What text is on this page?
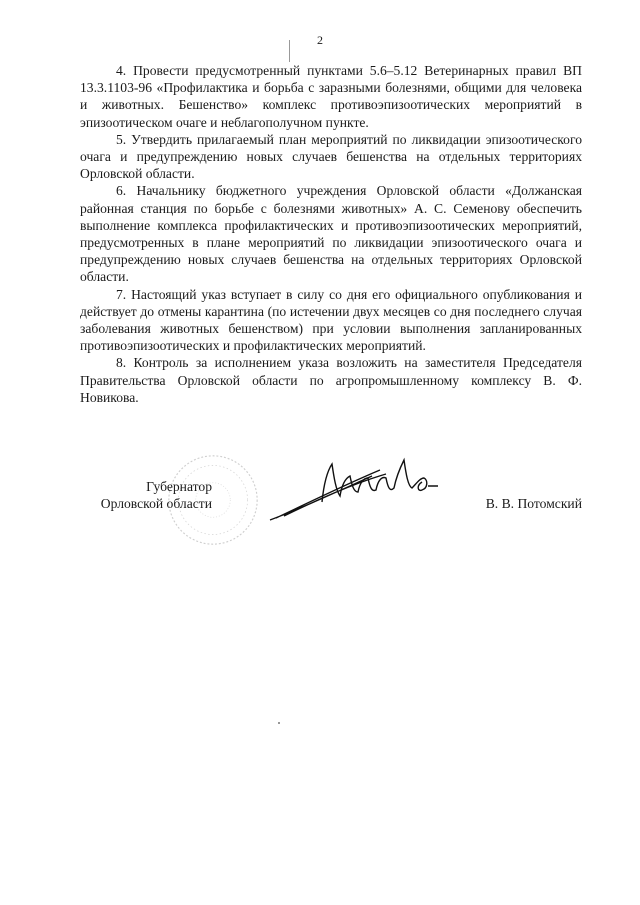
2

4. Провести предусмотренный пунктами 5.6–5.12 Ветеринарных правил ВП 13.3.1103-96 «Профилактика и борьба с заразными болезнями, общими для человека и животных. Бешенство» комплекс противоэпизоотических мероприятий в эпизоотическом очаге и неблагополучном пункте.

5. Утвердить прилагаемый план мероприятий по ликвидации эпизоотического очага и предупреждению новых случаев бешенства на отдельных территориях Орловской области.

6. Начальнику бюджетного учреждения Орловской области «Должанская районная станция по борьбе с болезнями животных» А. С. Семенову обеспечить выполнение комплекса профилактических и противоэпизоотических мероприятий, предусмотренных в плане мероприятий по ликвидации эпизоотического очага и предупреждению новых случаев бешенства на отдельных территориях Орловской области.

7. Настоящий указ вступает в силу со дня его официального опубликования и действует до отмены карантина (по истечении двух месяцев со дня последнего случая заболевания животных бешенством) при условии выполнения запланированных противоэпизоотических и профилактических мероприятий.

8. Контроль за исполнением указа возложить на заместителя Председателя Правительства Орловской области по агропромышленному комплексу В. Ф. Новикова.

Губернатор
Орловской области	В. В. Потомский
